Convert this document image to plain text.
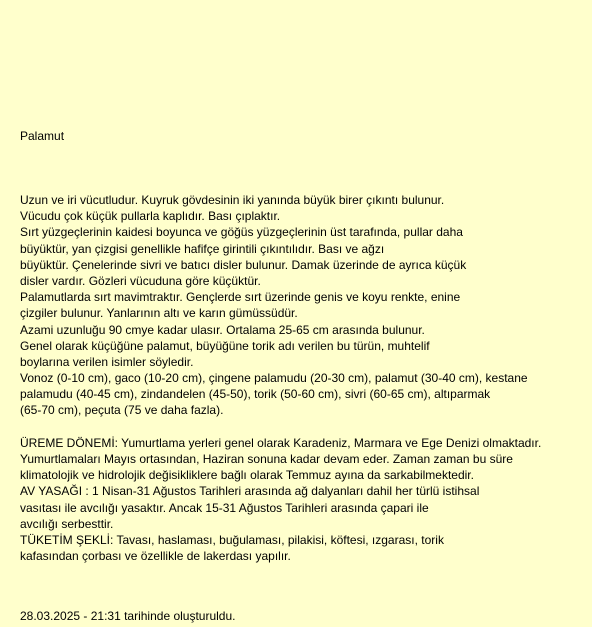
Palamut
Uzun ve iri vücutludur. Kuyruk gövdesinin iki yanında büyük birer çıkıntı bulunur.
Vücudu çok küçük pullarla kaplıdır. Bası çıplaktır.
Sırt yüzgeçlerinin kaidesi boyunca ve göğüs yüzgeçlerinin üst tarafında, pullar daha
büyüktür, yan çizgisi genellikle hafifçe girintili çıkıntılıdır. Bası ve ağzı
büyüktür. Çenelerinde sivri ve batıcı disler bulunur. Damak üzerinde de ayrıca küçük
disler vardır. Gözleri vücuduna göre küçüktür.
Palamutlarda sırt mavimtraktır. Gençlerde sırt üzerinde genis ve koyu renkte, enine
çizgiler bulunur. Yanlarının altı ve karın gümüssüdür.
Azami uzunluğu 90 cmye kadar ulasır. Ortalama 25-65 cm arasında bulunur.
Genel olarak küçüğüne palamut, büyüğüne torik adı verilen bu türün, muhtelif
boylarına verilen isimler söyledir.
Vonoz (0-10 cm), gaco (10-20 cm), çingene palamudu (20-30 cm), palamut (30-40 cm), kestane
palamudu (40-45 cm), zindandelen (45-50), torik (50-60 cm), sivri (60-65 cm), altıparmak
(65-70 cm), peçuta (75 ve daha fazla).
ÜREME DÖNEMİ: Yumurtlama yerleri genel olarak Karadeniz, Marmara ve Ege Denizi olmaktadır.
Yumurtlamaları Mayıs ortasından, Haziran sonuna kadar devam eder. Zaman zaman bu süre
klimatolojik ve hidrolojik değisikliklere bağlı olarak Temmuz ayına da sarkabilmektedir.
AV YASAĞI : 1 Nisan-31 Ağustos Tarihleri arasında ağ dalyanları dahil her türlü istihsal
vasıtası ile avcılığı yasaktır. Ancak 15-31 Ağustos Tarihleri arasında çapari ile
avcılığı serbesttir.
TÜKETİM ŞEKLİ: Tavası, haslaması, buğulaması, pilakisi, köftesi, ızgarası, torik
kafasından çorbası ve özellikle de lakerdası yapılır.
28.03.2025 - 21:31 tarihinde oluşturuldu.
